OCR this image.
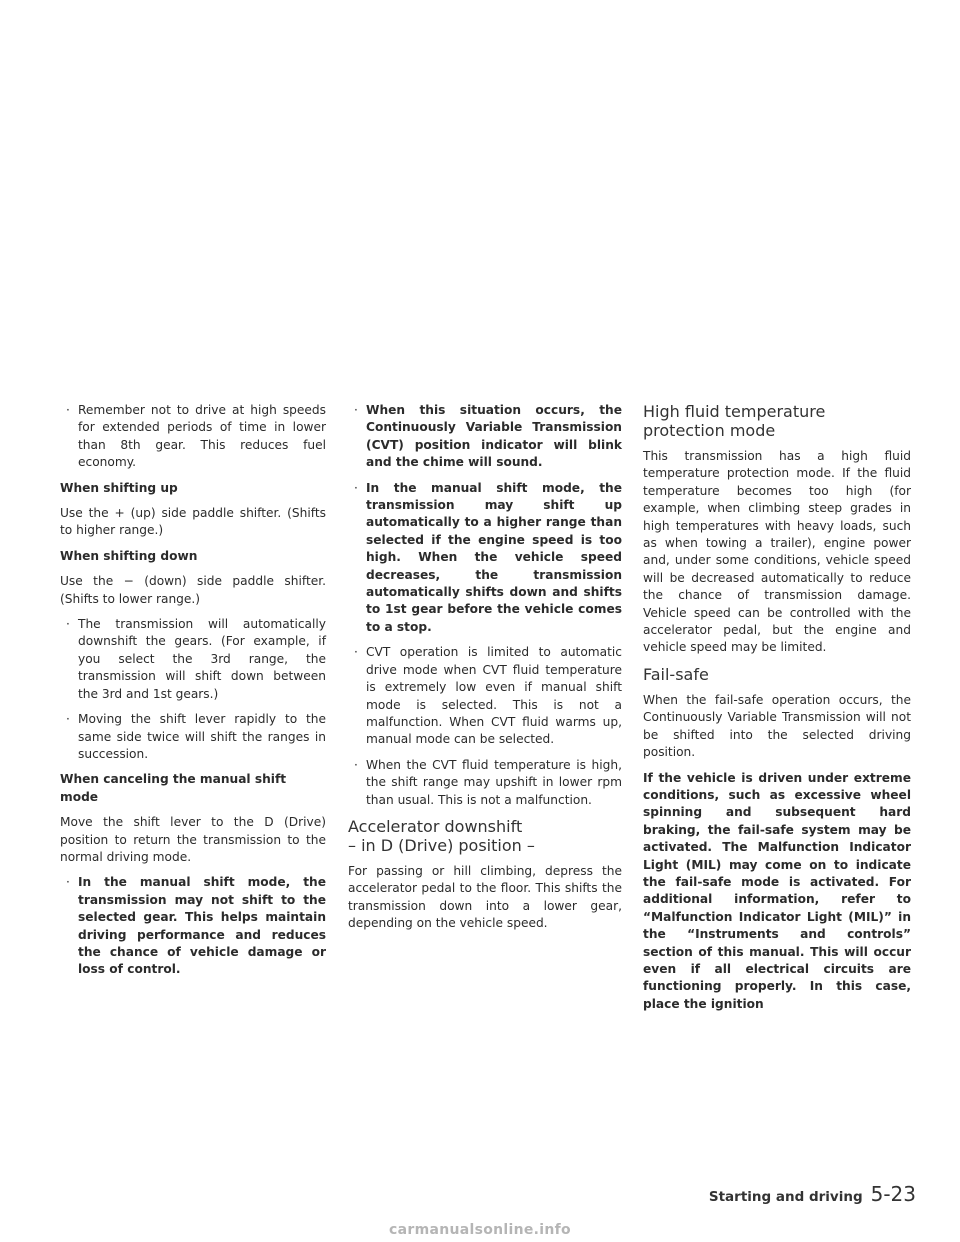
· Remember not to drive at high speeds for extended periods of time in lower than 8th gear. This reduces fuel economy.
When shifting up

Use the + (up) side paddle shifter. (Shifts to higher range.)

When shifting down

Use the − (down) side paddle shifter. (Shifts to lower range.)

· The transmission will automatically downshift the gears. (For example, if you select the 3rd range, the transmission will shift down between the 3rd and 1st gears.)
· Moving the shift lever rapidly to the same side twice will shift the ranges in succession.
When canceling the manual shift mode

Move the shift lever to the D (Drive) position to return the transmission to the normal driving mode.

· In the manual shift mode, the transmission may not shift to the selected gear. This helps maintain driving performance and reduces the chance of vehicle damage or loss of control.
· When this situation occurs, the Continuously Variable Transmission (CVT) position indicator will blink and the chime will sound.
· In the manual shift mode, the transmission may shift up automatically to a higher range than selected if the engine speed is too high. When the vehicle speed decreases, the transmission automatically shifts down and shifts to 1st gear before the vehicle comes to a stop.
· CVT operation is limited to automatic drive mode when CVT fluid temperature is extremely low even if manual shift mode is selected. This is not a malfunction. When CVT fluid warms up, manual mode can be selected.
· When the CVT fluid temperature is high, the shift range may upshift in lower rpm than usual. This is not a malfunction.
Accelerator downshift
– in D (Drive) position –

For passing or hill climbing, depress the accelerator pedal to the floor. This shifts the transmission down into a lower gear, depending on the vehicle speed.

High fluid temperature protection mode

This transmission has a high fluid temperature protection mode. If the fluid temperature becomes too high (for example, when climbing steep grades in high temperatures with heavy loads, such as when towing a trailer), engine power and, under some conditions, vehicle speed will be decreased automatically to reduce the chance of transmission damage. Vehicle speed can be controlled with the accelerator pedal, but the engine and vehicle speed may be limited.

Fail-safe

When the fail-safe operation occurs, the Continuously Variable Transmission will not be shifted into the selected driving position.

If the vehicle is driven under extreme conditions, such as excessive wheel spinning and subsequent hard braking, the fail-safe system may be activated. The Malfunction Indicator Light (MIL) may come on to indicate the fail-safe mode is activated. For additional information, refer to “Malfunction Indicator Light (MIL)” in the “Instruments and controls” section of this manual. This will occur even if all electrical circuits are functioning properly. In this case, place the ignition

Starting and driving 5-23
carmanualsonline.info
